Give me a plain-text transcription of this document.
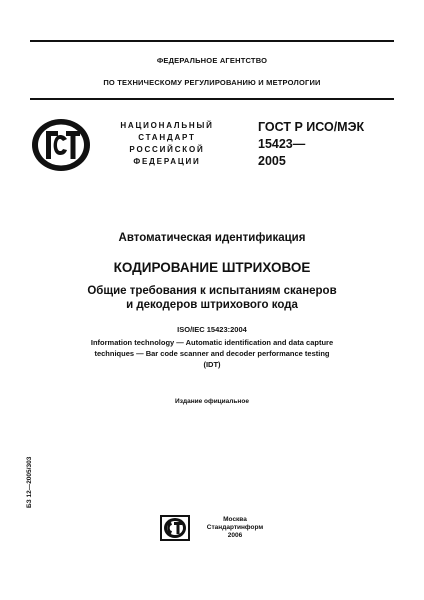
ФЕДЕРАЛЬНОЕ АГЕНТСТВО
ПО ТЕХНИЧЕСКОМУ РЕГУЛИРОВАНИЮ И МЕТРОЛОГИИ
НАЦИОНАЛЬНЫЙ
СТАНДАРТ
РОССИЙСКОЙ
ФЕДЕРАЦИИ
ГОСТ Р ИСО/МЭК
15423—
2005
Автоматическая идентификация
КОДИРОВАНИЕ ШТРИХОВОЕ
Общие требования к испытаниям сканеров
и декодеров штрихового кода
ISO/IEC 15423:2004
Information technology — Automatic identification and data capture
techniques — Bar code scanner and decoder performance testing
(IDT)
Издание официальное
БЗ 12—2005/303
Москва
Стандартинформ
2006
